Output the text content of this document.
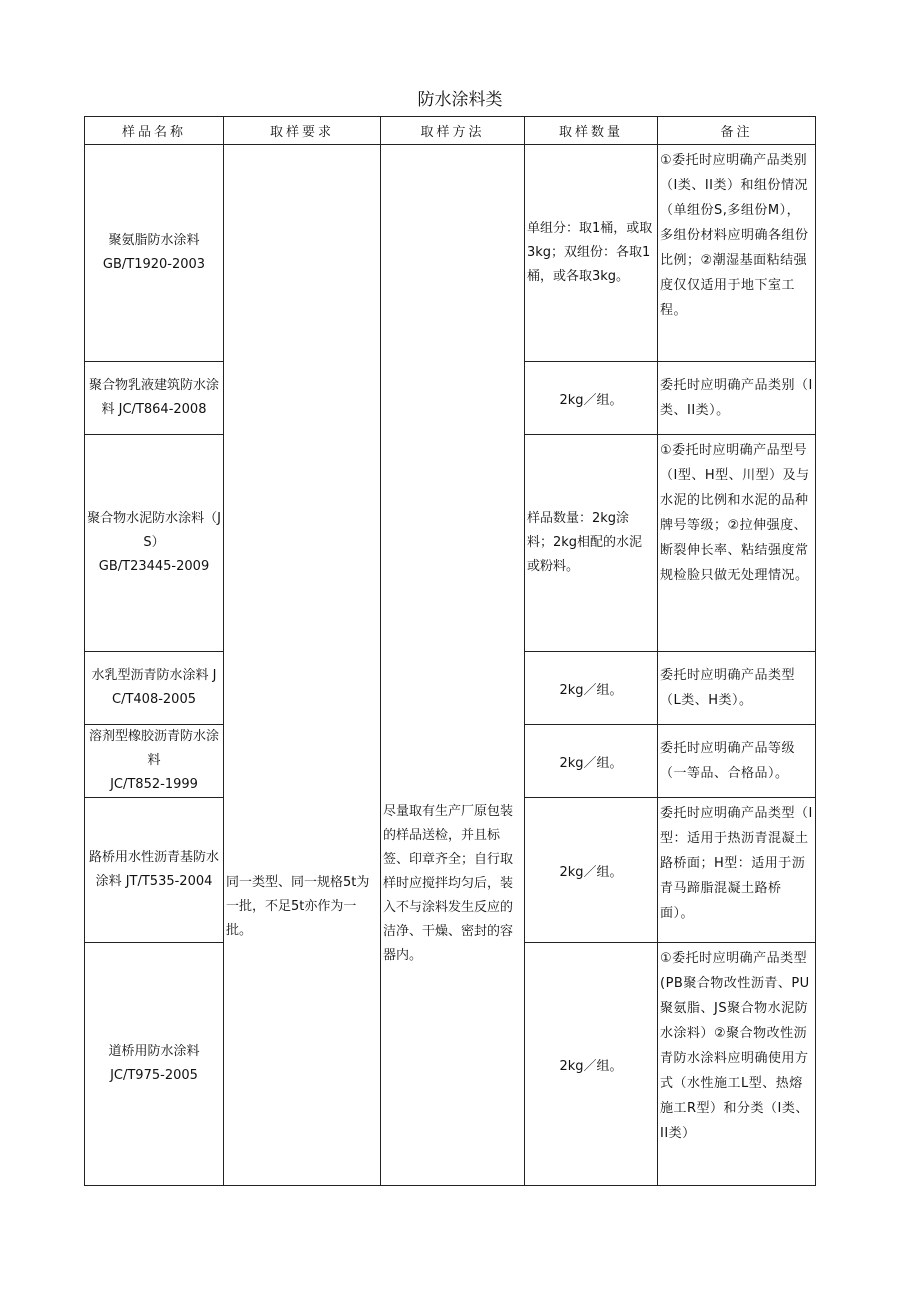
防水涂料类
样品名称	取样要求	取样方法	取样数量	备注

聚氨脂防水涂料
GB/T1920-2003	同一类型、同一规格5t为一批，不足5t亦作为一批。	尽量取有生产厂原包装的样品送检，并且标签、印章齐全；自行取样时应搅拌均匀后，装入不与涂料发生反应的洁净、干燥、密封的容器内。	单组分：取1桶，或取3kg；双组份：各取1桶，或各取3kg。	①委托时应明确产品类别（I类、II类）和组份情况（单组份S,多组份M），多组份材料应明确各组份比例；②潮湿基面粘结强度仅仅适用于地下室工程。

聚合物乳液建筑防水涂料 JC/T864-2008			2kg／组。	委托时应明确产品类别（I类、II类）。

聚合物水泥防水涂料（JS）
GB/T23445-2009			样品数量：2kg涂料；2kg相配的水泥或粉料。	①委托时应明确产品型号（I型、H型、川型）及与水泥的比例和水泥的品种牌号等级；②拉伸强度、断裂伸长率、粘结强度常规检脸只做无处理情况。

水乳型沥青防水涂料 JC/T408-2005			2kg／组。	委托时应明确产品类型（L类、H类）。

溶剂型橡胶沥青防水涂料
JC/T852-1999			2kg／组。	委托时应明确产品等级（一等品、合格品）。

路桥用水性沥青基防水涂料 JT/T535-2004			2kg／组。	委托时应明确产品类型（I型：适用于热沥青混凝土路桥面；H型：适用于沥青马蹄脂混凝土路桥面）。

道桥用防水涂料
JC/T975-2005			2kg／组。	①委托时应明确产品类型(PB聚合物改性沥青、PU聚氨脂、JS聚合物水泥防水涂料）②聚合物改性沥青防水涂料应明确使用方式（水性施工L型、热熔施工R型）和分类（I类、II类）
